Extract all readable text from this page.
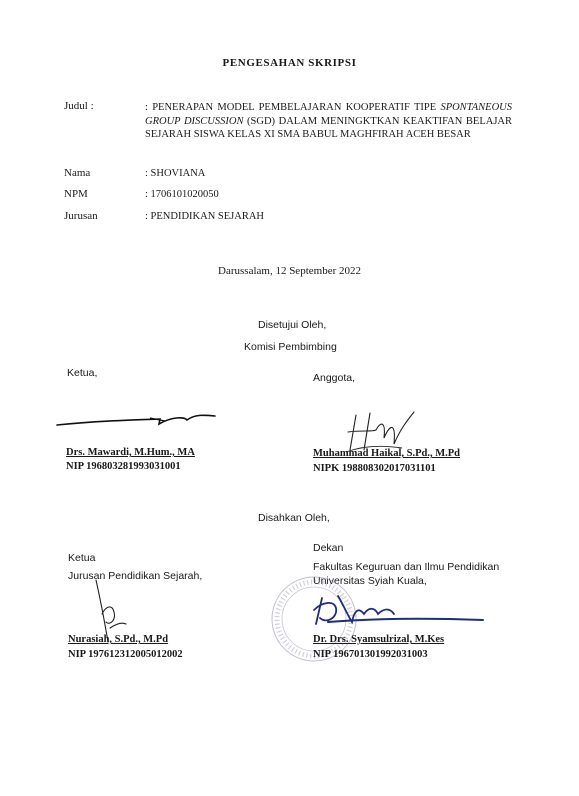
PENGESAHAN SKRIPSI
Judul :	: PENERAPAN MODEL PEMBELAJARAN KOOPERATIF TIPE SPONTANEOUS GROUP DISCUSSION (SGD) DALAM MENINGKTKAN KEAKTIFAN BELAJAR SEJARAH SISWA KELAS XI SMA BABUL MAGHFIRAH ACEH BESAR
Nama	: SHOVIANA
NPM	: 1706101020050
Jurusan	: PENDIDIKAN SEJARAH
Darussalam, 12 September 2022
Disetujui Oleh,
Komisi Pembimbing
Ketua,	Anggota,
Drs. Mawardi, M.Hum., MA
NIP 196803281993031001
Muhammad Haikal, S.Pd., M.Pd
NIPK 198808302017031101
Disahkan Oleh,
Dekan
Fakultas Keguruan dan Ilmu Pendidikan
Universitas Syiah Kuala,
Ketua
Jurusan Pendidikan Sejarah,
Nurasiah, S.Pd., M.Pd
NIP 197612312005012002
Dr. Drs. Syamsulrizal, M.Kes
NIP 196701301992031003
